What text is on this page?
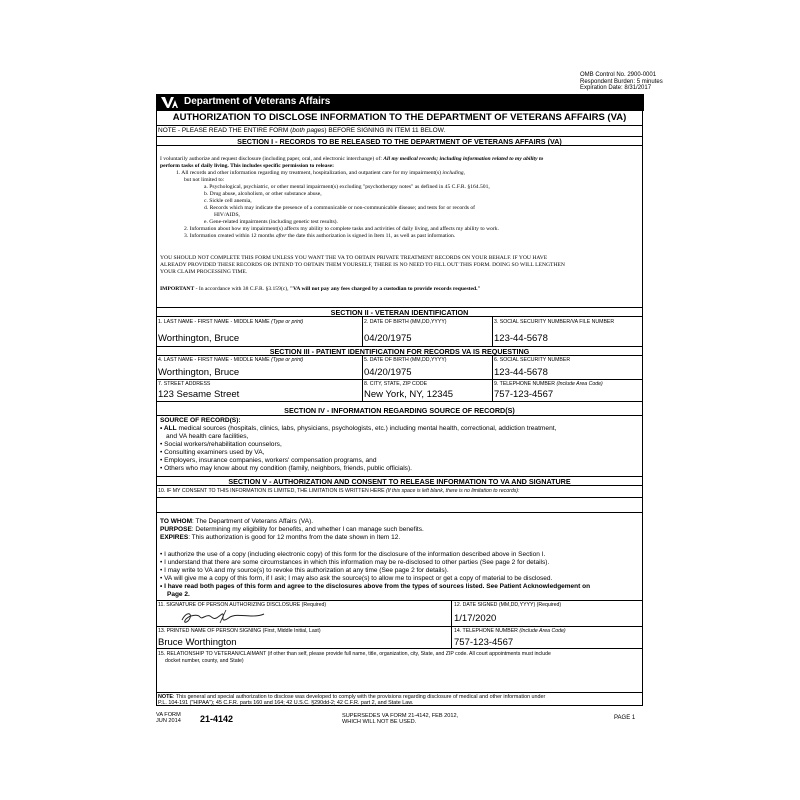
OMB Control No. 2900-0001
Respondent Burden: 5 minutes
Expiration Date: 8/31/2017
Department of Veterans Affairs
AUTHORIZATION TO DISCLOSE INFORMATION TO THE DEPARTMENT OF VETERANS AFFAIRS (VA)
NOTE - PLEASE READ THE ENTIRE FORM (both pages) BEFORE SIGNING IN ITEM 11 BELOW.
SECTION I - RECORDS TO BE RELEASED TO THE DEPARTMENT OF VETERANS AFFAIRS (VA)
I voluntarily authorize and request disclosure (including paper, oral, and electronic interchange) of: All my medical records; including information related to my ability to
perform tasks of daily living. This includes specific permission to release:
1. All records and other information regarding my treatment, hospitalization, and outpatient care for my impairment(s) including,
but not limited to:
a. Psychological, psychiatric, or other mental impairment(s) excluding "psychotherapy notes" as defined in 45 C.F.R. §164.501,
b. Drug abuse, alcoholism, or other substance abuse,
c. Sickle cell anemia,
d. Records which may indicate the presence of a communicable or non-communicable disease; and tests for or records of
HIV/AIDS,
e. Gene-related impairments (including genetic test results).
2. Information about how my impairment(s) affects my ability to complete tasks and activities of daily living, and affects my ability to work.
3. Information created within 12 months after the date this authorization is signed in Item 11, as well as past information.
YOU SHOULD NOT COMPLETE THIS FORM UNLESS YOU WANT THE VA TO OBTAIN PRIVATE TREATMENT RECORDS ON YOUR BEHALF. IF YOU HAVE
ALREADY PROVIDED THESE RECORDS OR INTEND TO OBTAIN THEM YOURSELF, THERE IS NO NEED TO FILL OUT THIS FORM. DOING SO WILL LENGTHEN
YOUR CLAIM PROCESSING TIME.
IMPORTANT - In accordance with 38 C.F.R. §3.159(c), "VA will not pay any fees charged by a custodian to provide records requested."
SECTION II - VETERAN IDENTIFICATION
1. LAST NAME - FIRST NAME - MIDDLE NAME (Type or print)
Worthington, Bruce
2. DATE OF BIRTH (MM,DD,YYYY)
04/20/1975
3. SOCIAL SECURITY NUMBER/VA FILE NUMBER
123-44-5678
SECTION III - PATIENT IDENTIFICATION FOR RECORDS VA IS REQUESTING
4. LAST NAME - FIRST NAME - MIDDLE NAME (Type or print)
Worthington, Bruce
5. DATE OF BIRTH (MM,DD,YYYY)
04/20/1975
6. SOCIAL SECURITY NUMBER
123-44-5678
7. STREET ADDRESS
123 Sesame Street
8. CITY, STATE, ZIP CODE
New York, NY, 12345
9. TELEPHONE NUMBER (Include Area Code)
757-123-4567
SECTION IV - INFORMATION REGARDING SOURCE OF RECORD(S)
SOURCE OF RECORD(S):
• ALL medical sources (hospitals, clinics, labs, physicians, psychologists, etc.) including mental health, correctional, addiction treatment,
and VA health care facilities,
• Social workers/rehabilitation counselors,
• Consulting examiners used by VA,
• Employers, insurance companies, workers' compensation programs, and
• Others who may know about my condition (family, neighbors, friends, public officials).
SECTION V - AUTHORIZATION AND CONSENT TO RELEASE INFORMATION TO VA AND SIGNATURE
10. IF MY CONSENT TO THIS INFORMATION IS LIMITED, THE LIMITATION IS WRITTEN HERE (If this space is left blank, there is no limitation to records):
TO WHOM: The Department of Veterans Affairs (VA).
PURPOSE: Determining my eligibility for benefits, and whether I can manage such benefits.
EXPIRES: This authorization is good for 12 months from the date shown in Item 12.
• I authorize the use of a copy (including electronic copy) of this form for the disclosure of the information described above in Section I.
• I understand that there are some circumstances in which this information may be re-disclosed to other parties (See page 2 for details).
• I may write to VA and my source(s) to revoke this authorization at any time (See page 2 for details).
• VA will give me a copy of this form, if I ask; I may also ask the source(s) to allow me to inspect or get a copy of material to be disclosed.
• I have read both pages of this form and agree to the disclosures above from the types of sources listed. See Patient Acknowledgement on
Page 2.
11. SIGNATURE OF PERSON AUTHORIZING DISCLOSURE (Required)	12. DATE SIGNED (MM,DD,YYYY) (Required)
1/17/2020
13. PRINTED NAME OF PERSON SIGNING (First, Middle Initial, Last)
Bruce Worthington
14. TELEPHONE NUMBER (Include Area Code)
757-123-4567
15. RELATIONSHIP TO VETERAN/CLAIMANT (if other than self, please provide full name, title, organization, city, State, and ZIP code. All court appointments must include
docket number, county, and State)
NOTE: This general and special authorization to disclose was developed to comply with the provisions regarding disclosure of medical and other information under
P.L. 104-191 ("HIPAA"); 45 C.F.R. parts 160 and 164; 42 U.S.C. §290dd-2; 42 C.F.R. part 2, and State Law.
VA FORM
JUN 2014 21-4142	SUPERSEDES VA FORM 21-4142, FEB 2012,
WHICH WILL NOT BE USED.
PAGE 1
